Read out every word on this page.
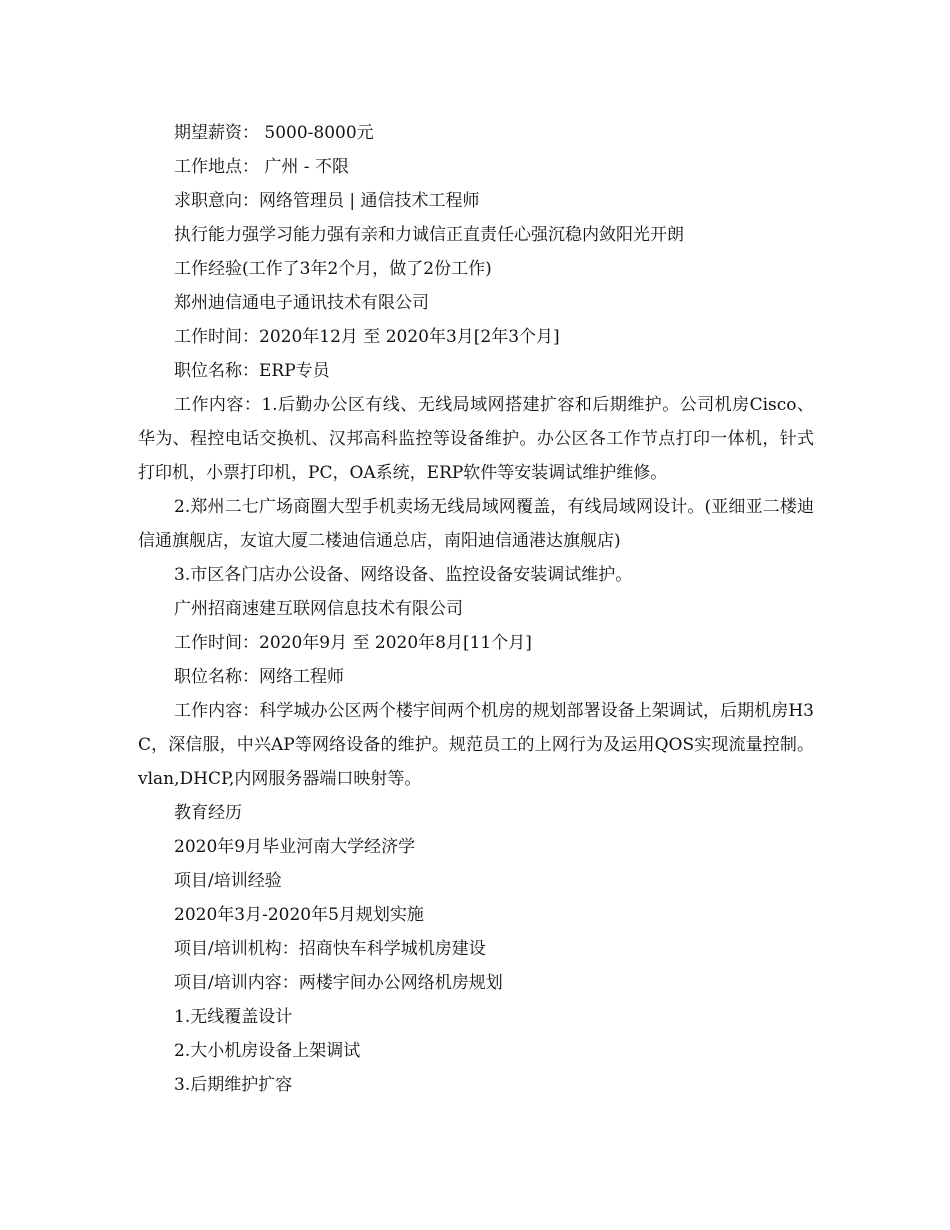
期望薪资： 5000-8000元

工作地点： 广州 - 不限

求职意向：网络管理员 | 通信技术工程师

执行能力强学习能力强有亲和力诚信正直责任心强沉稳内敛阳光开朗

工作经验(工作了3年2个月，做了2份工作)

郑州迪信通电子通讯技术有限公司

工作时间：2020年12月 至 2020年3月[2年3个月]

职位名称：ERP专员

工作内容：1.后勤办公区有线、无线局域网搭建扩容和后期维护。公司机房Cisco、华为、程控电话交换机、汉邦高科监控等设备维护。办公区各工作节点打印一体机，针式打印机，小票打印机，PC，OA系统，ERP软件等安装调试维护维修。

2.郑州二七广场商圈大型手机卖场无线局域网覆盖，有线局域网设计。(亚细亚二楼迪信通旗舰店，友谊大厦二楼迪信通总店，南阳迪信通港达旗舰店)

3.市区各门店办公设备、网络设备、监控设备安装调试维护。

广州招商速建互联网信息技术有限公司

工作时间：2020年9月 至 2020年8月[11个月]

职位名称：网络工程师

工作内容：科学城办公区两个楼宇间两个机房的规划部署设备上架调试，后期机房H3C，深信服，中兴AP等网络设备的维护。规范员工的上网行为及运用QOS实现流量控制。vlan,DHCP,内网服务器端口映射等。

教育经历

2020年9月毕业河南大学经济学

项目/培训经验

2020年3月-2020年5月规划实施

项目/培训机构：招商快车科学城机房建设

项目/培训内容：两楼宇间办公网络机房规划

1.无线覆盖设计

2.大小机房设备上架调试

3.后期维护扩容
